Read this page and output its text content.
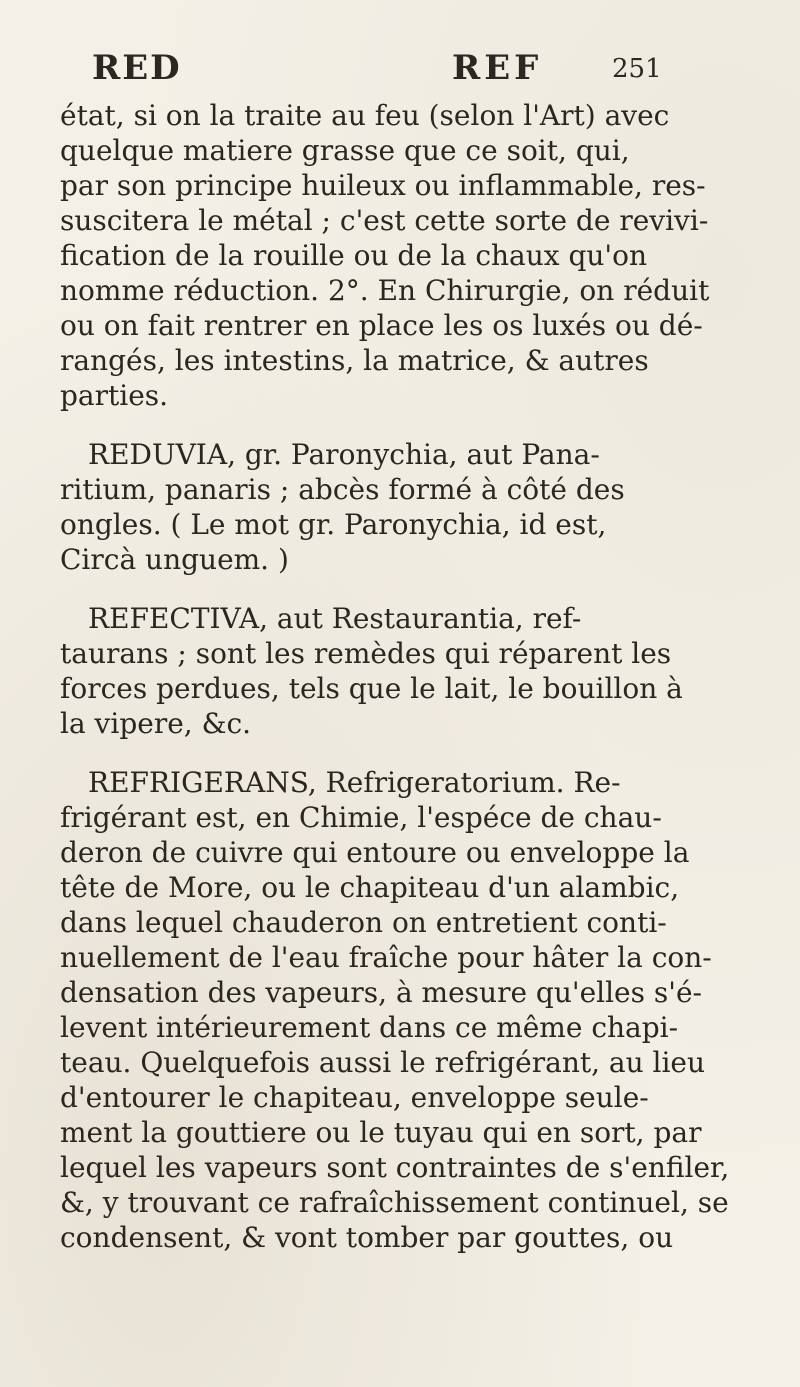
RED	REF	251
état, si on la traite au feu (selon l'Art) avec
quelque matiere grasse que ce soit, qui,
par son principe huileux ou inflammable, res-
suscitera le métal ; c'est cette sorte de revivi-
fication de la rouille ou de la chaux qu'on
nomme réduction. 2°. En Chirurgie, on réduit
ou on fait rentrer en place les os luxés ou dé-
rangés, les intestins, la matrice, & autres
parties.
REDUVIA, gr. Paronychia, aut Pana-
ritium, panaris ; abcès formé à côté des
ongles. ( Le mot gr. Paronychia, id est,
Circà unguem. )
REFECTIVA, aut Restaurantia, ref-
taurans ; sont les remèdes qui réparent les
forces perdues, tels que le lait, le bouillon à
la vipere, &c.
REFRIGERANS, Refrigeratorium. Re-
frigérant est, en Chimie, l'espéce de chau-
deron de cuivre qui entoure ou enveloppe la
tête de More, ou le chapiteau d'un alambic,
dans lequel chauderon on entretient conti-
nuellement de l'eau fraîche pour hâter la con-
densation des vapeurs, à mesure qu'elles s'é-
levent intérieurement dans ce même chapi-
teau. Quelquefois aussi le refrigérant, au lieu
d'entourer le chapiteau, enveloppe seule-
ment la gouttiere ou le tuyau qui en sort, par
lequel les vapeurs sont contraintes de s'enfiler,
&, y trouvant ce rafraîchissement continuel, se
condensent, & vont tomber par gouttes, ou
